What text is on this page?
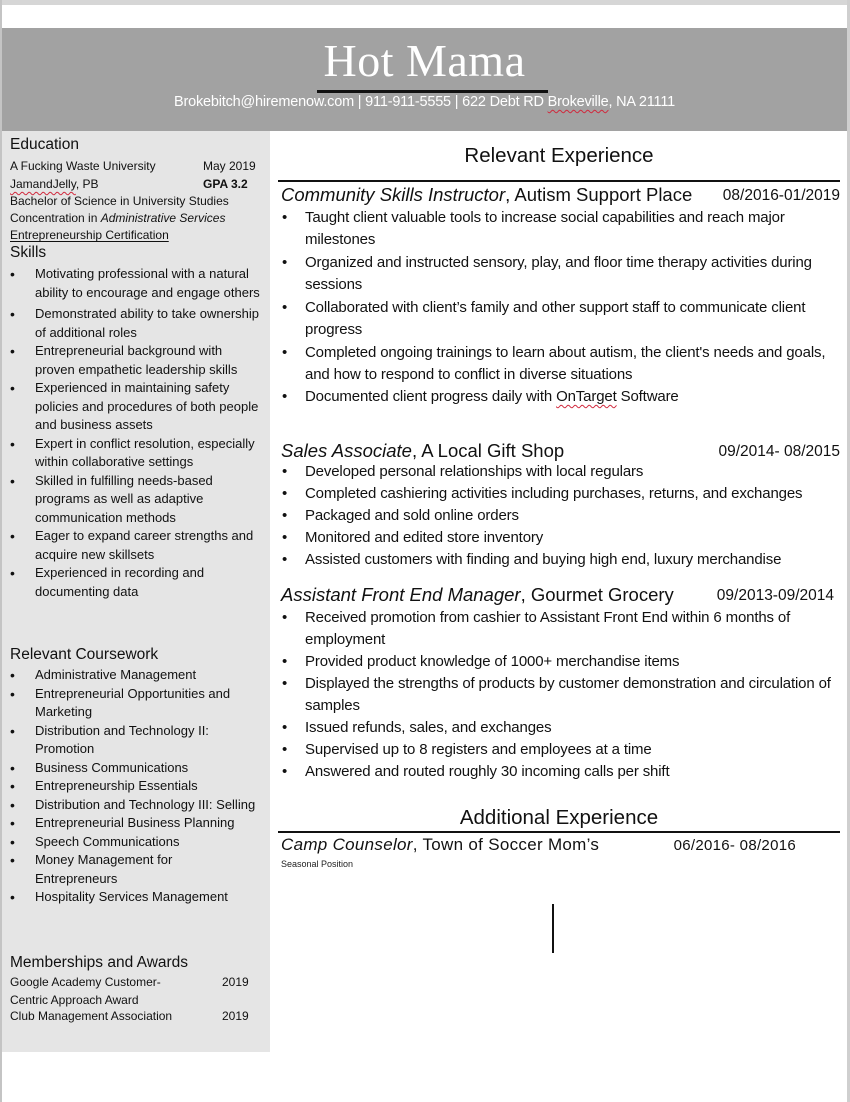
Hot Mama
Brokebitch@hiremenow.com | 911-911-5555 | 622 Debt RD Brokeville, NA 21111
Education
A Fucking Waste University	May 2019
JamandJelly, PB	GPA 3.2
Bachelor of Science in University Studies
Concentration in Administrative Services
Entrepreneurship Certification
Skills
• Motivating professional with a natural ability to encourage and engage others
• Demonstrated ability to take ownership of additional roles
• Entrepreneurial background with proven empathetic leadership skills
• Experienced in maintaining safety policies and procedures of both people and business assets
• Expert in conflict resolution, especially within collaborative settings
• Skilled in fulfilling needs-based programs as well as adaptive communication methods
• Eager to expand career strengths and acquire new skillsets
• Experienced in recording and documenting data
Relevant Coursework
• Administrative Management
• Entrepreneurial Opportunities and Marketing
• Distribution and Technology II: Promotion
• Business Communications
• Entrepreneurship Essentials
• Distribution and Technology III: Selling
• Entrepreneurial Business Planning
• Speech Communications
• Money Management for Entrepreneurs
• Hospitality Services Management
Memberships and Awards
Google Academy Customer-	2019
Centric Approach Award
Club Management Association	2019
Relevant Experience
Community Skills Instructor, Autism Support Place 08/2016-01/2019
• Taught client valuable tools to increase social capabilities and reach major milestones
• Organized and instructed sensory, play, and floor time therapy activities during sessions
• Collaborated with client’s family and other support staff to communicate client progress
• Completed ongoing trainings to learn about autism, the client's needs and goals, and how to respond to conflict in diverse situations
• Documented client progress daily with OnTarget Software
Sales Associate, A Local Gift Shop	09/2014- 08/2015
• Developed personal relationships with local regulars
• Completed cashiering activities including purchases, returns, and exchanges
• Packaged and sold online orders
• Monitored and edited store inventory
• Assisted customers with finding and buying high end, luxury merchandise
Assistant Front End Manager, Gourmet Grocery	09/2013-09/2014
• Received promotion from cashier to Assistant Front End within 6 months of employment
• Provided product knowledge of 1000+ merchandise items
• Displayed the strengths of products by customer demonstration and circulation of samples
• Issued refunds, sales, and exchanges
• Supervised up to 8 registers and employees at a time
• Answered and routed roughly 30 incoming calls per shift
Additional Experience
Camp Counselor, Town of Soccer Mom’s	06/2016- 08/2016
Seasonal Position
